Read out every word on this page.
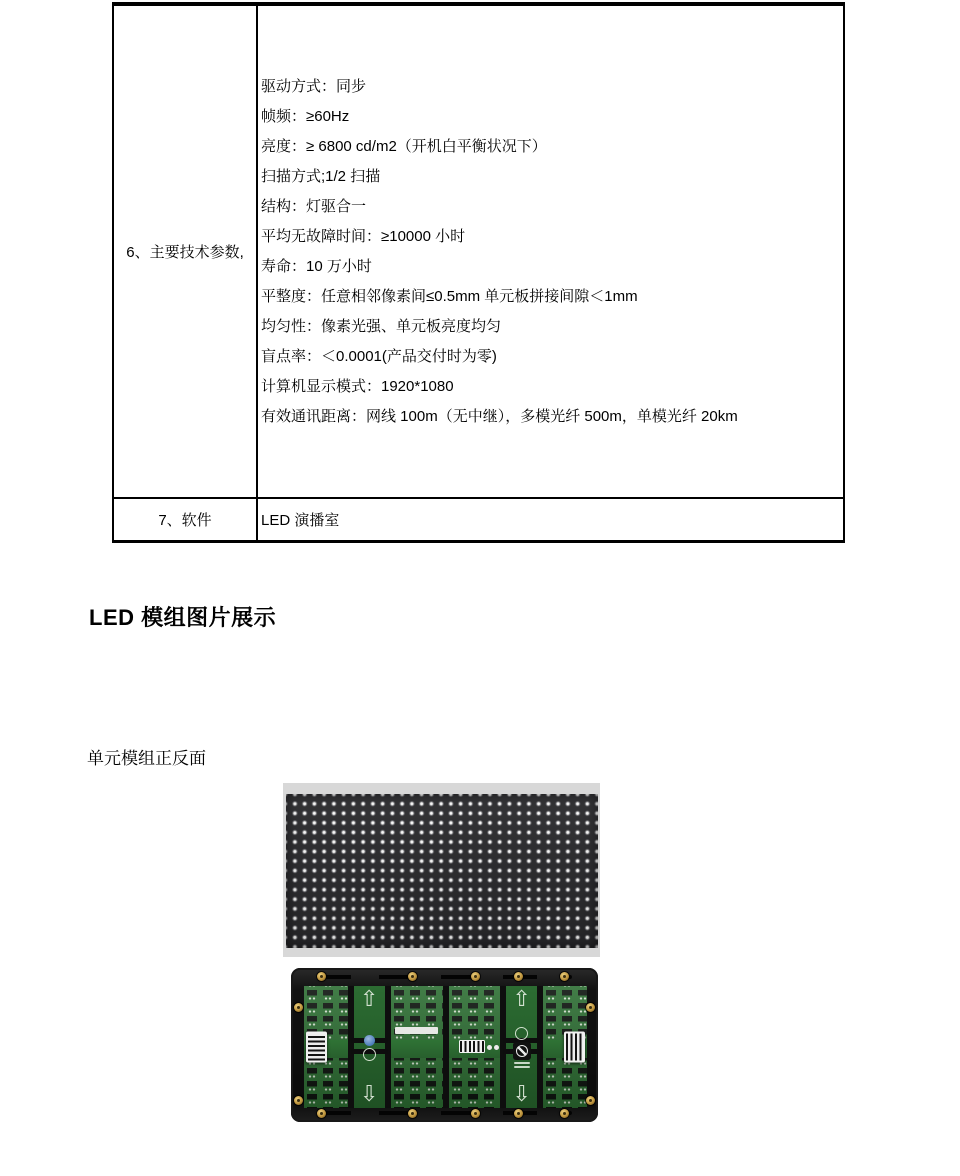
6、主要技术参数,
驱动方式：同步
帧频：≥60Hz
亮度：≥ 6800 cd/m2（开机白平衡状况下）
扫描方式;1/2 扫描
结构：灯驱合一
平均无故障时间：≥10000 小时
寿命：10 万小时
平整度：任意相邻像素间≤0.5mm 单元板拼接间隙＜1mm
均匀性：像素光强、单元板亮度均匀
盲点率：＜0.0001(产品交付时为零)
计算机显示模式：1920*1080
有效通讯距离：网线 100m（无中继），多模光纤 500m，单模光纤 20km
7、软件	LED 演播室
LED 模组图片展示
单元模组正反面
⇧
⇩
⇧
⇩
